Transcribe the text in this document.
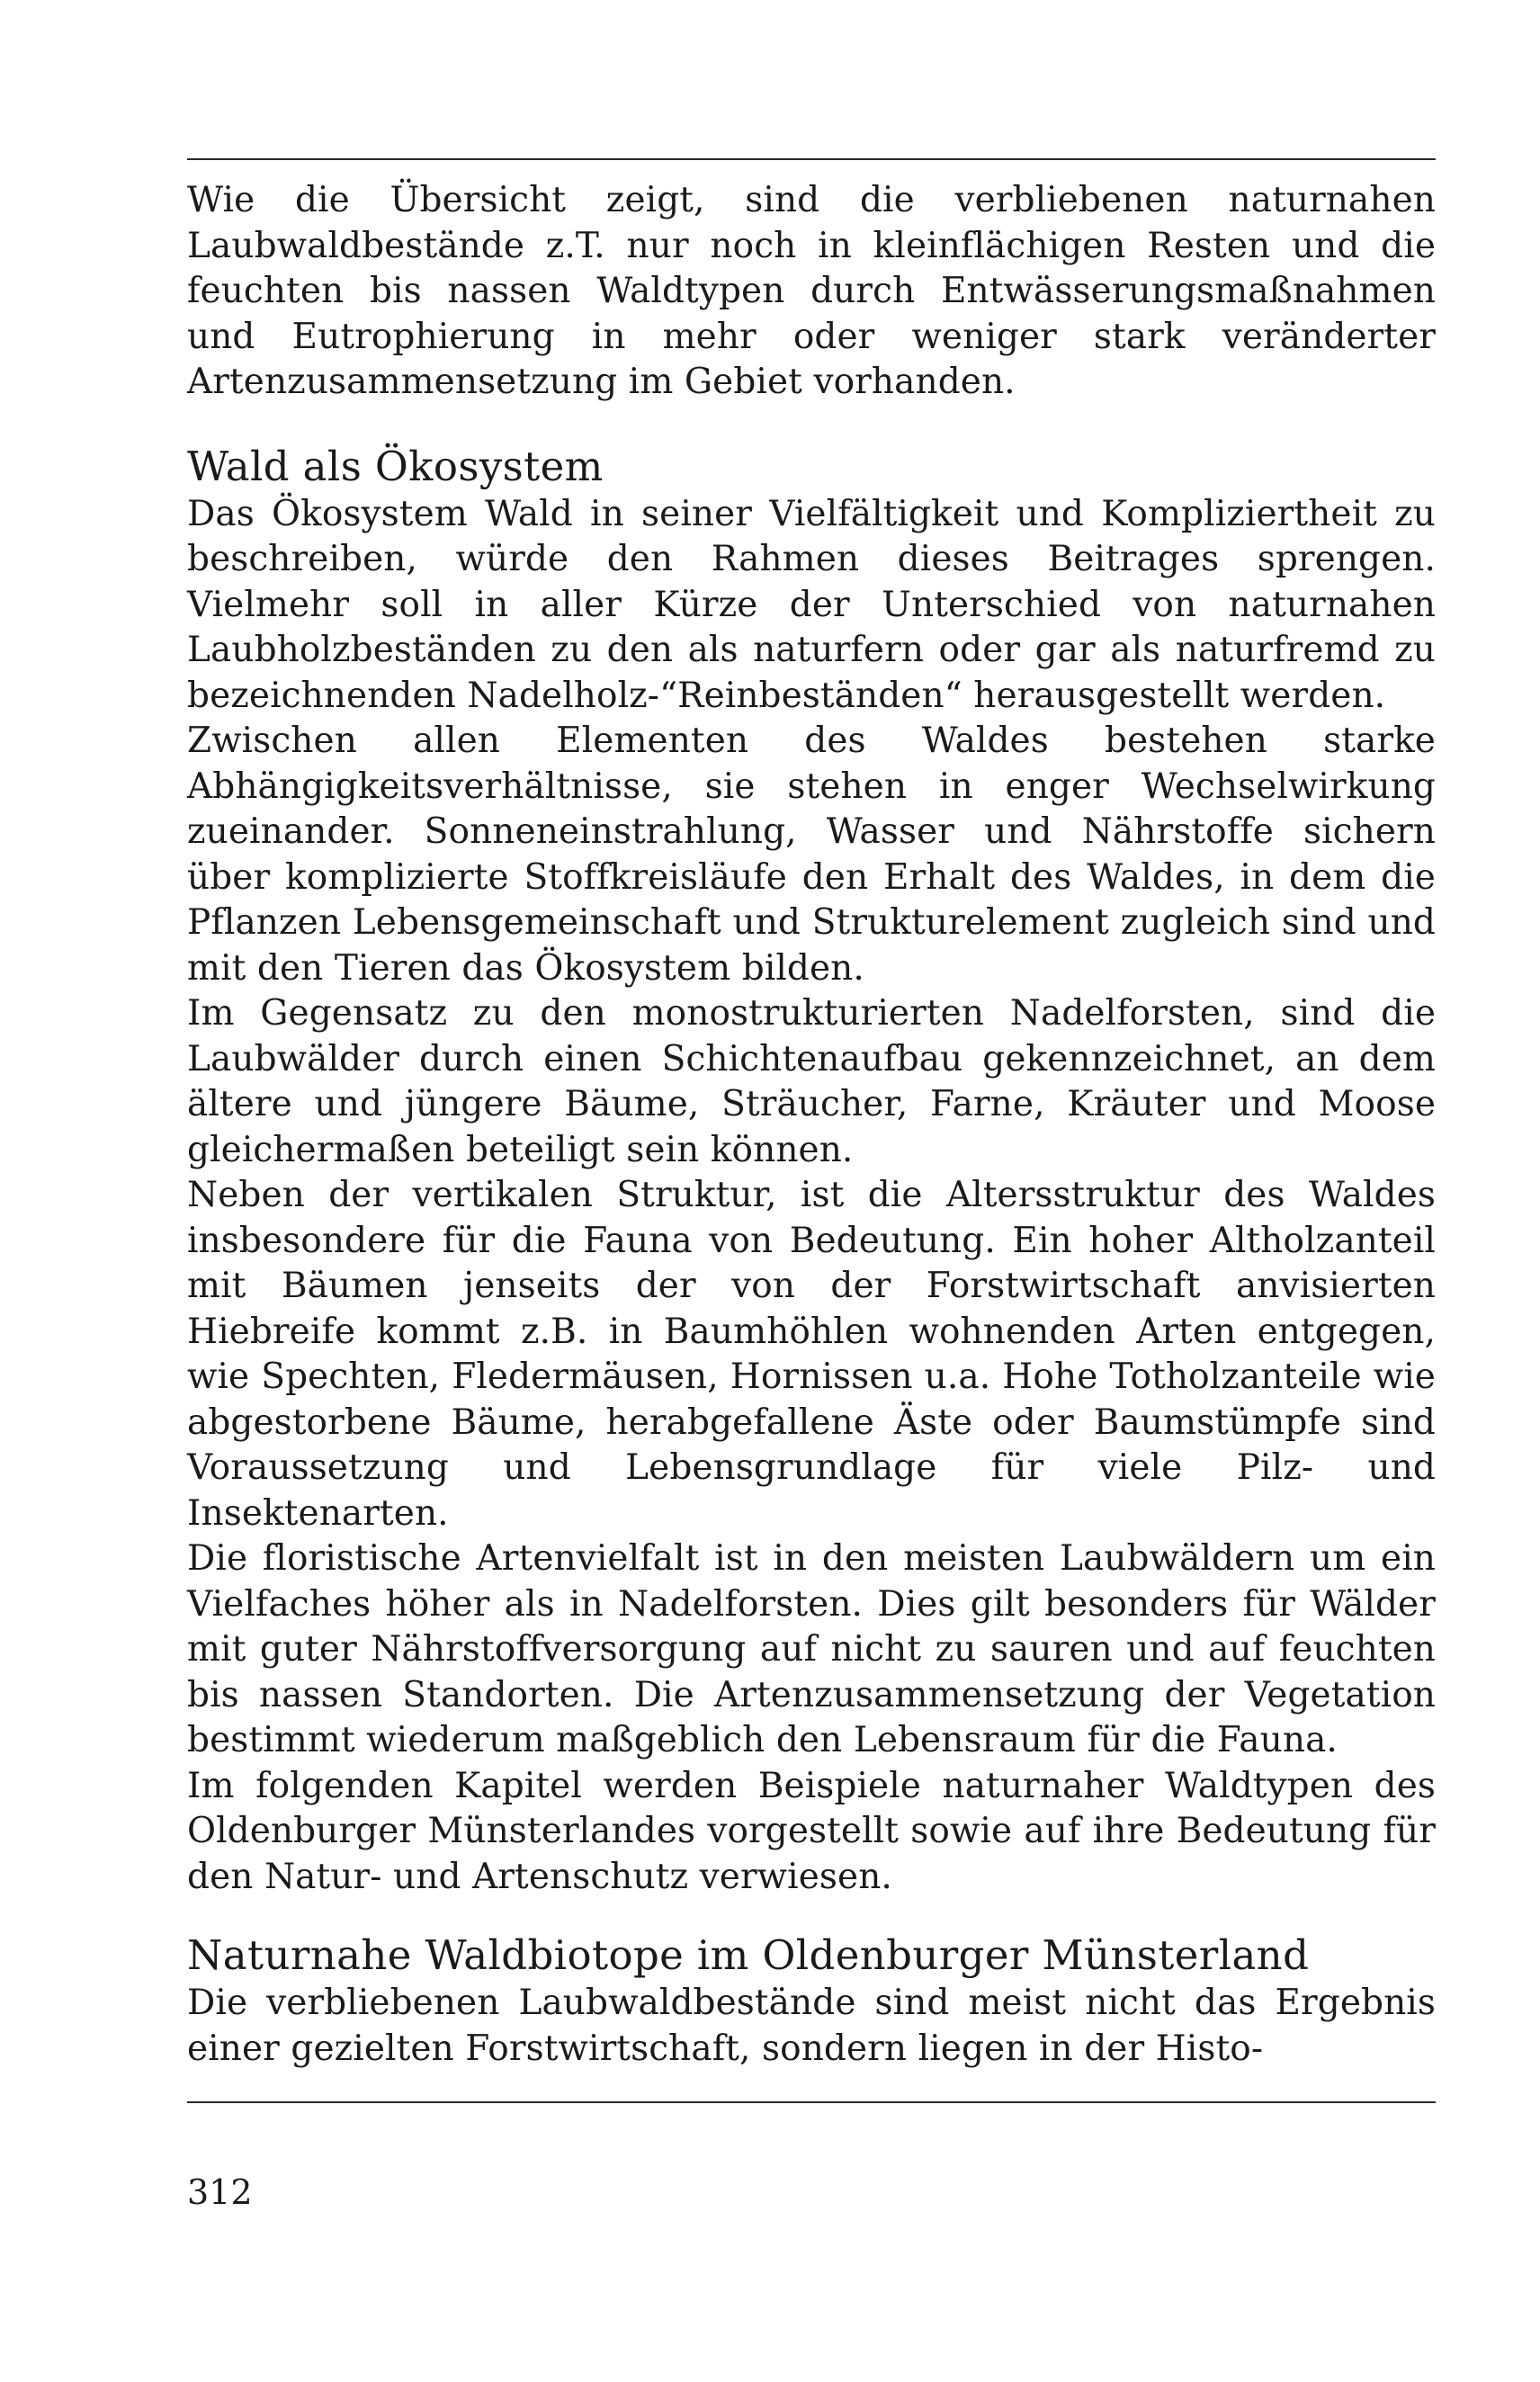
Wie die Übersicht zeigt, sind die verbliebenen naturnahen Laubwaldbestände z.T. nur noch in kleinflächigen Resten und die feuchten bis nassen Waldtypen durch Entwässerungsmaßnahmen und Eutrophierung in mehr oder weniger stark veränderter Artenzusammensetzung im Gebiet vorhanden.

Wald als Ökosystem

Das Ökosystem Wald in seiner Vielfältigkeit und Kompliziertheit zu beschreiben, würde den Rahmen dieses Beitrages sprengen. Vielmehr soll in aller Kürze der Unterschied von naturnahen Laubholzbeständen zu den als naturfern oder gar als naturfremd zu bezeichnenden Nadelholz-“Reinbeständen“ herausgestellt werden.

Zwischen allen Elementen des Waldes bestehen starke Abhängigkeitsverhältnisse, sie stehen in enger Wechselwirkung zueinander. Sonneneinstrahlung, Wasser und Nährstoffe sichern über komplizierte Stoffkreisläufe den Erhalt des Waldes, in dem die Pflanzen Lebensgemeinschaft und Strukturelement zugleich sind und mit den Tieren das Ökosystem bilden.

Im Gegensatz zu den monostrukturierten Nadelforsten, sind die Laubwälder durch einen Schichtenaufbau gekennzeichnet, an dem ältere und jüngere Bäume, Sträucher, Farne, Kräuter und Moose gleichermaßen beteiligt sein können.

Neben der vertikalen Struktur, ist die Altersstruktur des Waldes insbesondere für die Fauna von Bedeutung. Ein hoher Altholzanteil mit Bäumen jenseits der von der Forstwirtschaft anvisierten Hiebreife kommt z.B. in Baumhöhlen wohnenden Arten entgegen, wie Spechten, Fledermäusen, Hornissen u.a. Hohe Totholzanteile wie abgestorbene Bäume, herabgefallene Äste oder Baumstümpfe sind Voraussetzung und Lebensgrundlage für viele Pilz- und Insektenarten.

Die floristische Artenvielfalt ist in den meisten Laubwäldern um ein Vielfaches höher als in Nadelforsten. Dies gilt besonders für Wälder mit guter Nährstoffversorgung auf nicht zu sauren und auf feuchten bis nassen Standorten. Die Artenzusammensetzung der Vegetation bestimmt wiederum maßgeblich den Lebensraum für die Fauna.

Im folgenden Kapitel werden Beispiele naturnaher Waldtypen des Oldenburger Münsterlandes vorgestellt sowie auf ihre Bedeutung für den Natur- und Artenschutz verwiesen.

Naturnahe Waldbiotope im Oldenburger Münsterland

Die verbliebenen Laubwaldbestände sind meist nicht das Ergebnis einer gezielten Forstwirtschaft, sondern liegen in der Histo-

312
